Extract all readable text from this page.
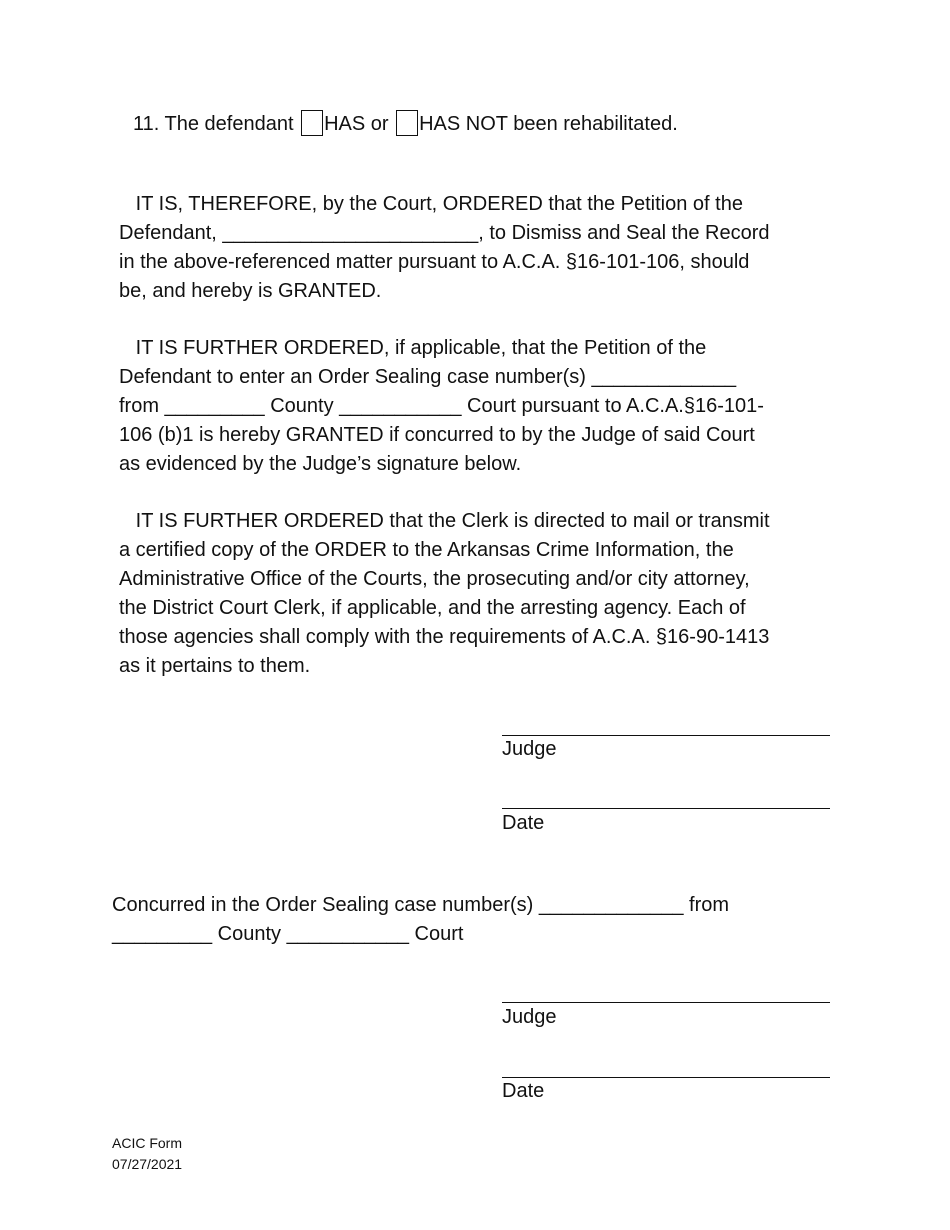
11. The defendant HAS or HAS NOT been rehabilitated.
IT IS, THEREFORE, by the Court, ORDERED that the Petition of the
Defendant, _______________________, to Dismiss and Seal the Record
in the above-referenced matter pursuant to A.C.A. §16-101-106, should
be, and hereby is GRANTED.
IT IS FURTHER ORDERED, if applicable, that the Petition of the
Defendant to enter an Order Sealing case number(s) _____________
from _________ County ___________ Court pursuant to A.C.A.§16-101-
106 (b)1 is hereby GRANTED if concurred to by the Judge of said Court
as evidenced by the Judge’s signature below.
IT IS FURTHER ORDERED that the Clerk is directed to mail or transmit
a certified copy of the ORDER to the Arkansas Crime Information, the
Administrative Office of the Courts, the prosecuting and/or city attorney,
the District Court Clerk, if applicable, and the arresting agency. Each of
those agencies shall comply with the requirements of A.C.A. §16-90-1413
as it pertains to them.
Judge
Date
Concurred in the Order Sealing case number(s) _____________ from
_________ County ___________ Court
Judge
Date
ACIC Form
07/27/2021
